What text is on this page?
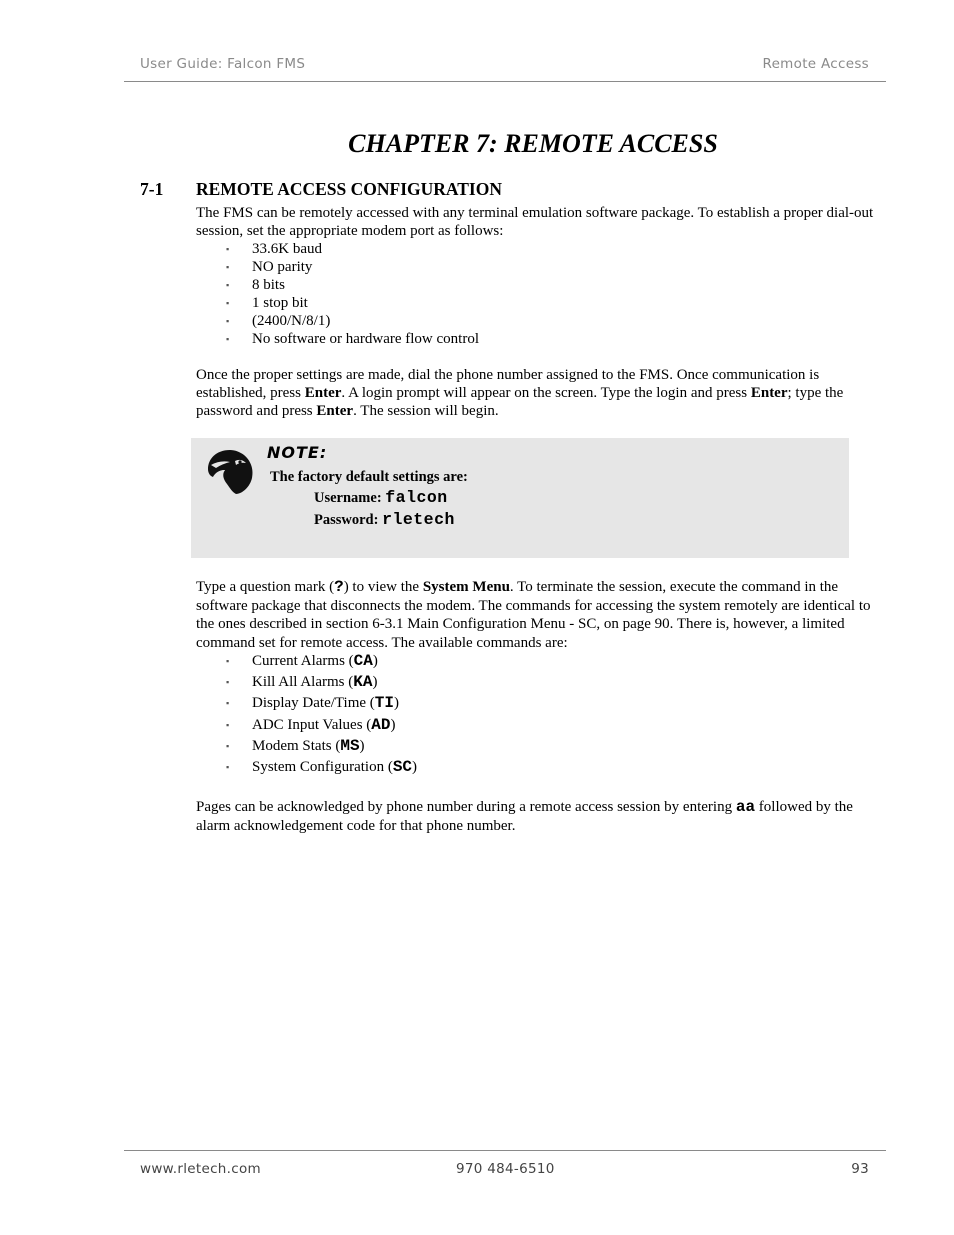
User Guide: Falcon FMS	Remote Access
CHAPTER 7: REMOTE ACCESS
7-1 REMOTE ACCESS CONFIGURATION
The FMS can be remotely accessed with any terminal emulation software package. To establish a proper dial-out session, set the appropriate modem port as follows:
▪ 33.6K baud
▪ NO parity
▪ 8 bits
▪ 1 stop bit
▪ (2400/N/8/1)
▪ No software or hardware flow control
Once the proper settings are made, dial the phone number assigned to the FMS. Once communication is established, press Enter. A login prompt will appear on the screen. Type the login and press Enter; type the password and press Enter. The session will begin.
NOTE:
The factory default settings are:
Username: falcon
Password: rletech
Type a question mark (?) to view the System Menu. To terminate the session, execute the command in the software package that disconnects the modem. The commands for accessing the system remotely are identical to the ones described in section 6-3.1 Main Configuration Menu - SC, on page 90. There is, however, a limited command set for remote access. The available commands are:
▪ Current Alarms (CA)
▪ Kill All Alarms (KA)
▪ Display Date/Time (TI)
▪ ADC Input Values (AD)
▪ Modem Stats (MS)
▪ System Configuration (SC)
Pages can be acknowledged by phone number during a remote access session by entering aa followed by the alarm acknowledgement code for that phone number.
www.rletech.com	970 484-6510	93
